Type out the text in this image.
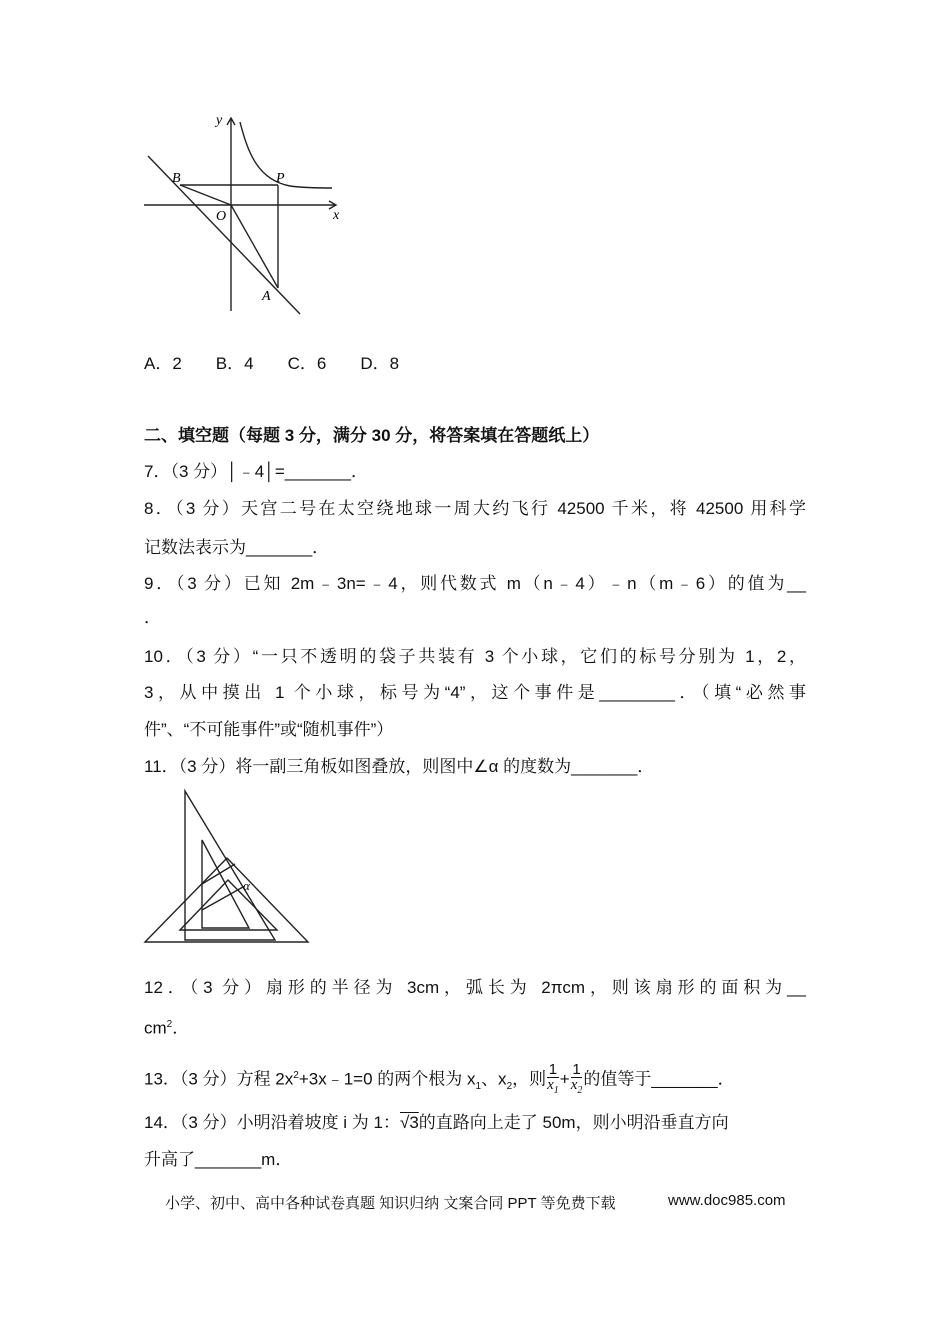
y
x
O
B	P
A
A．2　　B．4　　C．6　　D．8
二、填空题（每题 3 分，满分 30 分，将答案填在答题纸上）
7．（3 分）│﹣4│=_______．
8．（3 分）天宫二号在太空绕地球一周大约飞行 42500 千米，将 42500 用科学
记数法表示为_______．
9．（3 分）已知 2m﹣3n=﹣4，则代数式 m（n﹣4）﹣n（m﹣6）的值为__
．
10．（3 分）“一只不透明的袋子共装有 3 个小球，它们的标号分别为 1，2，
3，从中摸出 1 个小球，标号为“4”，这个事件是________．（填“必然事
件”、“不可能事件”或“随机事件”）
11．（3 分）将一副三角板如图叠放，则图中∠α 的度数为_______．
α
12．（3 分）扇形的半径为 3cm，弧长为 2πcm，则该扇形的面积为__
$cm^2$．
13．（3 分）方程 $2x^2+3x﹣1=0$ 的两个根为 $x_1$、$x_2$，则 $\frac{1}{x_1} + \frac{1}{x_2}$ 的值等于_______．
14．（3 分）小明沿着坡度 i 为 1：√3的直路向上走了 50m，则小明沿垂直方向
升高了_______m．
小学、初中、高中各种试卷真题 知识归纳 文案合同 PPT 等免费下载	www.doc985.com
